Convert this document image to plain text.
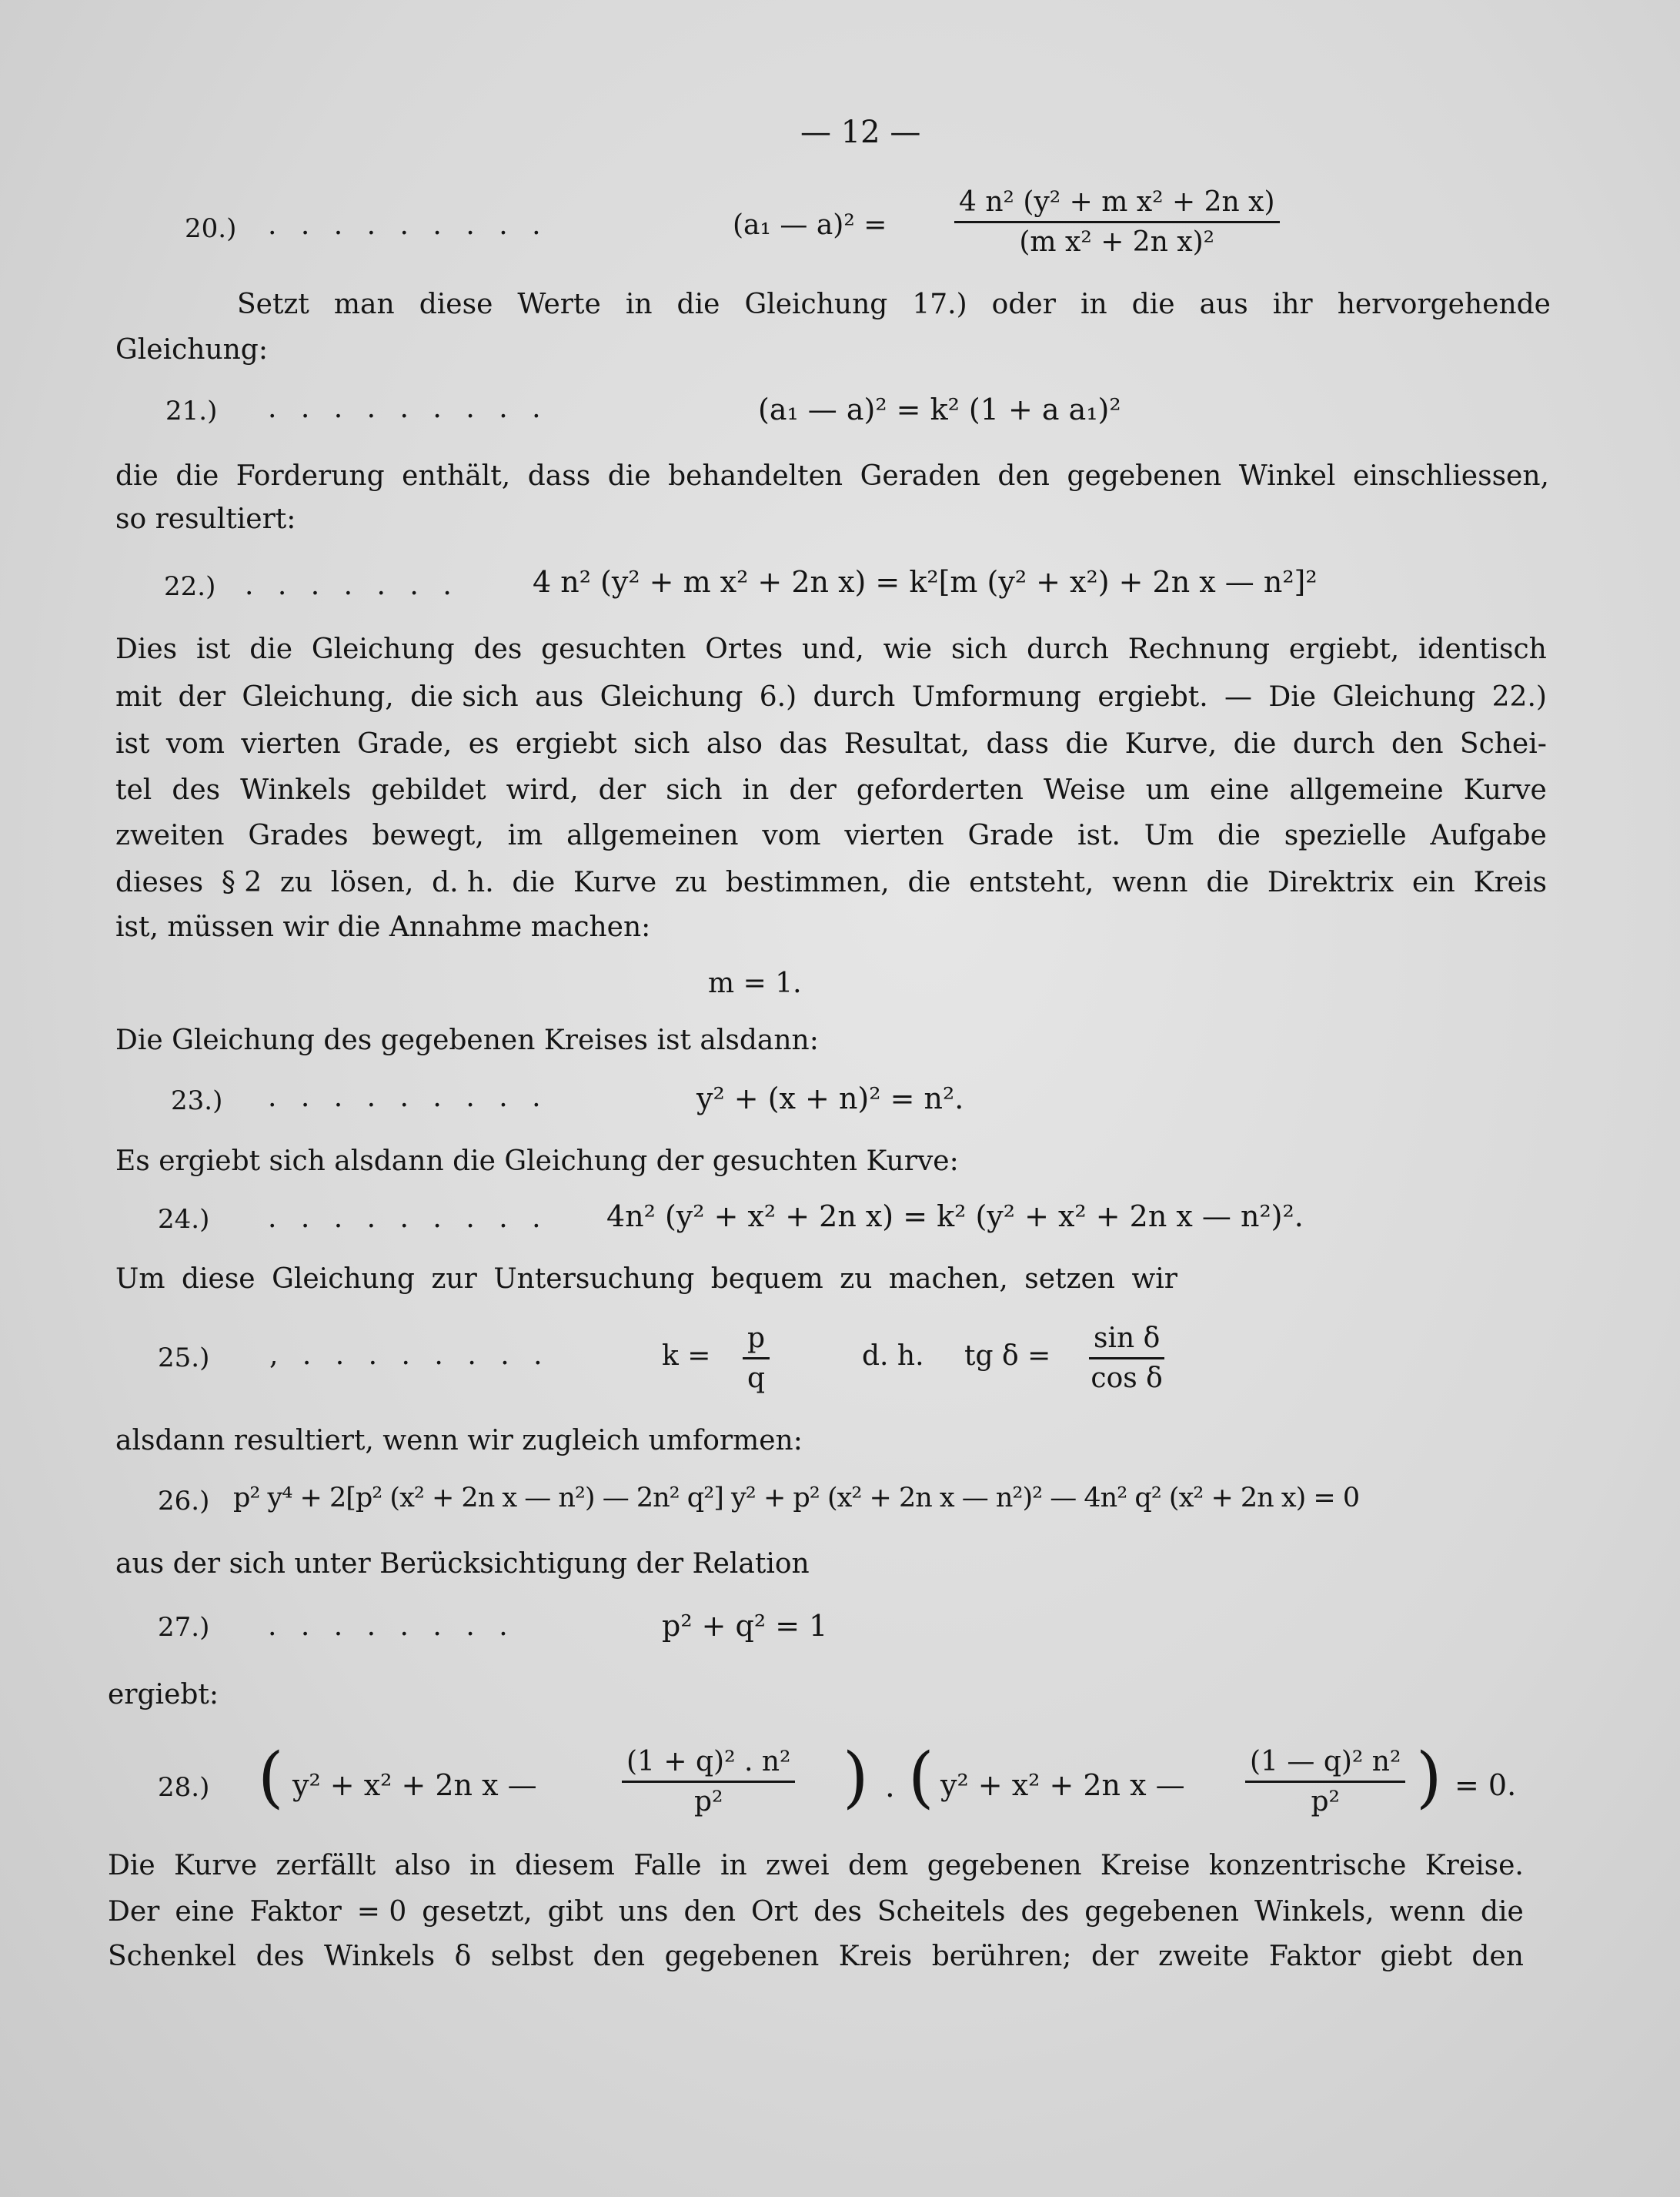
— 12 —
20.) . . . . . . . . .	(a₁ — $a)^2 = \frac{\text{4 n² (y² + m x² + 2n x)}}{\text{(m x² + 2n x)²}}$
Setzt man diese Werte in die Gleichung 17.) oder in die aus ihr hervorgehende
Gleichung:
21.) . . . . . . . . .	(a₁ — a)² = k² (1 + a a₁)²
die die Forderung enthält, dass die behandelten Geraden den gegebenen Winkel einschliessen,
so resultiert:
22.) . . . . . . .	4 n² (y² + m x² + 2n x) = k²[m (y² + x²) + 2n x — n²]²
Dies ist die Gleichung des gesuchten Ortes und, wie sich durch Rechnung ergiebt, identisch
mit der Gleichung, die sich aus Gleichung 6.) durch Umformung ergiebt. — Die Gleichung 22.)
ist vom vierten Grade, es ergiebt sich also das Resultat, dass die Kurve, die durch den Schei-
tel des Winkels gebildet wird, der sich in der geforderten Weise um eine allgemeine Kurve
zweiten Grades bewegt, im allgemeinen vom vierten Grade ist. Um die spezielle Aufgabe
dieses § 2 zu lösen, d. h. die Kurve zu bestimmen, die entsteht, wenn die Direktrix ein Kreis
ist, müssen wir die Annahme machen:
m = 1.
Die Gleichung des gegebenen Kreises ist alsdann:
23.) . . . . . . . . .	y² + (x + n)² = n².
Es ergiebt sich alsdann die Gleichung der gesuchten Kurve:
24.) . . . . . . . . . 4n² (y² + x² + 2n x) = k² (y² + x² + 2n x — n²)².
Um diese Gleichung zur Untersuchung bequem zu machen, setzen wir
25.) , . . . . . . . .	$k = \frac{p}{q}$	d. h. tg $\delta = \frac{\text{sin δ}}{\text{cos δ}}$
alsdann resultiert, wenn wir zugleich umformen:
26.) p² y⁴ + 2[p² (x² + 2n x — n²) — 2n² q²] y² + p² (x² + 2n x — n²)² — 4n² q² (x² + 2n x) = 0
aus der sich unter Berücksichtigung der Relation
27.) . . . . . . . .	p² + q² = 1
ergiebt:
28.) ( y² + x² + 2n x —	$\frac{\text{(1 + q)² . n²}}{\text{p²}}$ ) . ( y² + x² + 2n x — $\frac{\text{(1 — q)² n²}}{\text{p²}}$ ) = 0.
Die Kurve zerfällt also in diesem Falle in zwei dem gegebenen Kreise konzentrische Kreise.
Der eine Faktor = 0 gesetzt, gibt uns den Ort des Scheitels des gegebenen Winkels, wenn die
Schenkel des Winkels δ selbst den gegebenen Kreis berühren; der zweite Faktor giebt den
